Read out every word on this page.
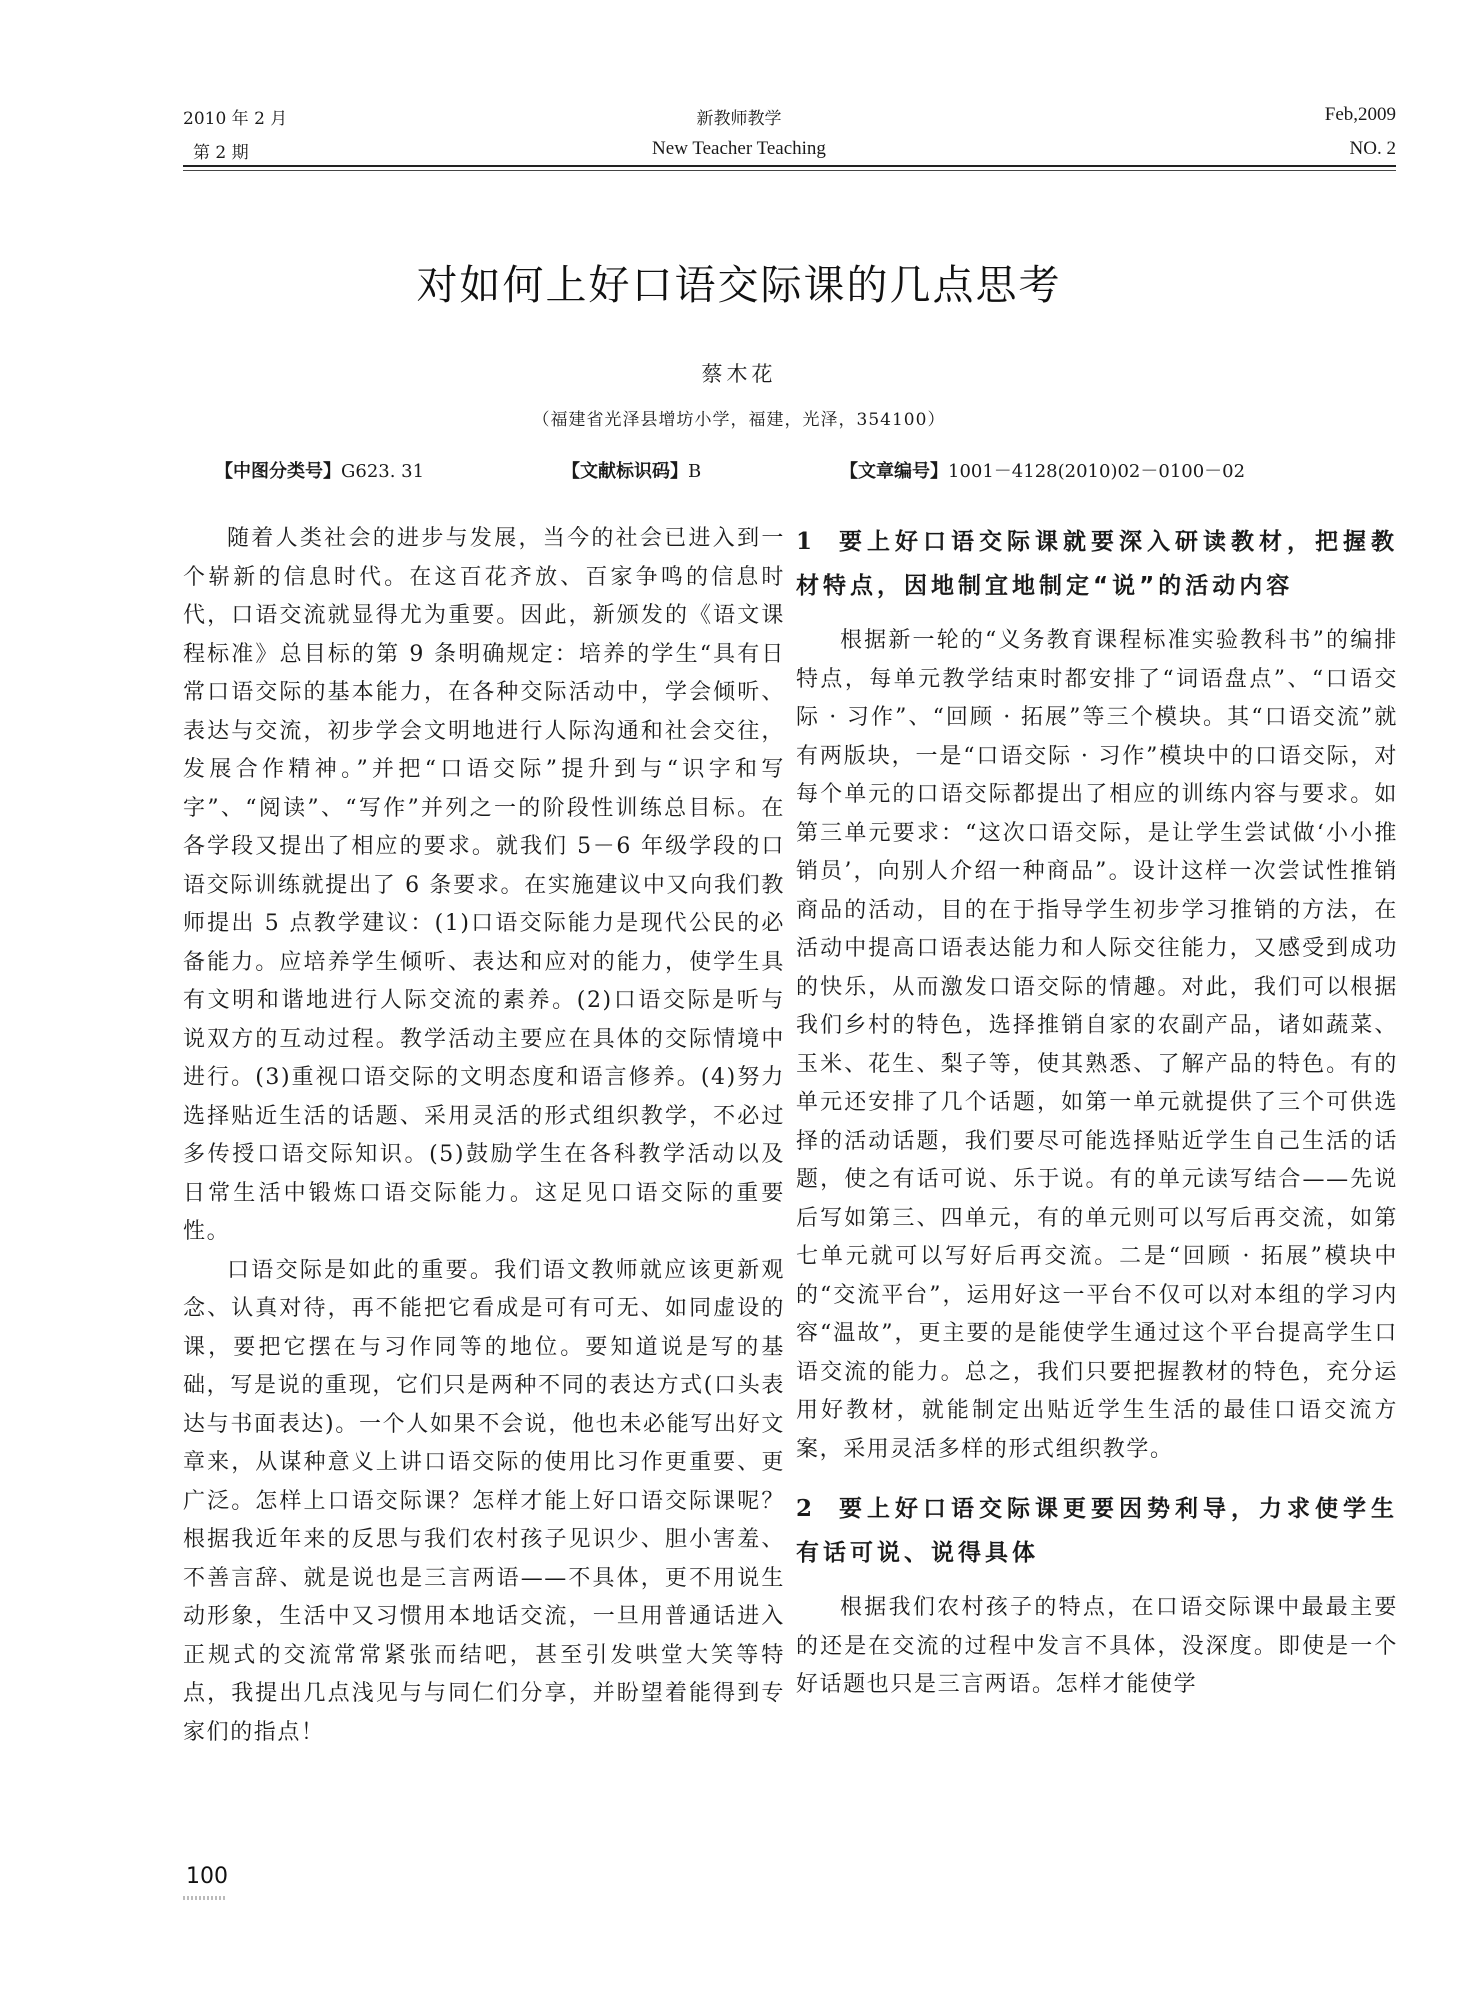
2010 年 2 月
第 2 期
新教师教学
New Teacher Teaching
Feb,2009
NO. 2
对如何上好口语交际课的几点思考
蔡木花
（福建省光泽县增坊小学，福建，光泽，354100）
【中图分类号】G623. 31	【文献标识码】B	【文章编号】1001－4128(2010)02－0100－02

随着人类社会的进步与发展，当今的社会已进入到一个崭新的信息时代。在这百花齐放、百家争鸣的信息时代，口语交流就显得尤为重要。因此，新颁发的《语文课程标准》总目标的第 9 条明确规定：培养的学生“具有日常口语交际的基本能力，在各种交际活动中，学会倾听、表达与交流，初步学会文明地进行人际沟通和社会交往，发展合作精神。”并把“口语交际”提升到与“识字和写字”、“阅读”、“写作”并列之一的阶段性训练总目标。在各学段又提出了相应的要求。就我们 5－6 年级学段的口语交际训练就提出了 6 条要求。在实施建议中又向我们教师提出 5 点教学建议：(1)口语交际能力是现代公民的必备能力。应培养学生倾听、表达和应对的能力，使学生具有文明和谐地进行人际交流的素养。(2)口语交际是听与说双方的互动过程。教学活动主要应在具体的交际情境中进行。(3)重视口语交际的文明态度和语言修养。(4)努力选择贴近生活的话题、采用灵活的形式组织教学，不必过多传授口语交际知识。(5)鼓励学生在各科教学活动以及日常生活中锻炼口语交际能力。这足见口语交际的重要性。

口语交际是如此的重要。我们语文教师就应该更新观念、认真对待，再不能把它看成是可有可无、如同虚设的课，要把它摆在与习作同等的地位。要知道说是写的基础，写是说的重现，它们只是两种不同的表达方式(口头表达与书面表达)。一个人如果不会说，他也未必能写出好文章来，从谋种意义上讲口语交际的使用比习作更重要、更广泛。怎样上口语交际课？怎样才能上好口语交际课呢？根据我近年来的反思与我们农村孩子见识少、胆小害羞、不善言辞、就是说也是三言两语——不具体，更不用说生动形象，生活中又习惯用本地话交流，一旦用普通话进入正规式的交流常常紧张而结吧，甚至引发哄堂大笑等特点，我提出几点浅见与与同仁们分享，并盼望着能得到专家们的指点！

1 要上好口语交际课就要深入研读教材，把握教材特点，因地制宜地制定“说”的活动内容

根据新一轮的“义务教育课程标准实验教科书”的编排特点，每单元教学结束时都安排了“词语盘点”、“口语交际 · 习作”、“回顾 · 拓展”等三个模块。其“口语交流”就有两版块，一是“口语交际 · 习作”模块中的口语交际，对每个单元的口语交际都提出了相应的训练内容与要求。如第三单元要求：“这次口语交际，是让学生尝试做‘小小推销员’，向别人介绍一种商品”。设计这样一次尝试性推销商品的活动，目的在于指导学生初步学习推销的方法，在活动中提高口语表达能力和人际交往能力，又感受到成功的快乐，从而激发口语交际的情趣。对此，我们可以根据我们乡村的特色，选择推销自家的农副产品，诸如蔬菜、玉米、花生、梨子等，使其熟悉、了解产品的特色。有的单元还安排了几个话题，如第一单元就提供了三个可供选择的活动话题，我们要尽可能选择贴近学生自己生活的话题，使之有话可说、乐于说。有的单元读写结合——先说后写如第三、四单元，有的单元则可以写后再交流，如第七单元就可以写好后再交流。二是“回顾 · 拓展”模块中的“交流平台”，运用好这一平台不仅可以对本组的学习内容“温故”，更主要的是能使学生通过这个平台提高学生口语交流的能力。总之，我们只要把握教材的特色，充分运用好教材，就能制定出贴近学生生活的最佳口语交流方案，采用灵活多样的形式组织教学。

2 要上好口语交际课更要因势利导，力求使学生有话可说、说得具体

根据我们农村孩子的特点，在口语交际课中最最主要的还是在交流的过程中发言不具体，没深度。即使是一个好话题也只是三言两语。怎样才能使学

100
